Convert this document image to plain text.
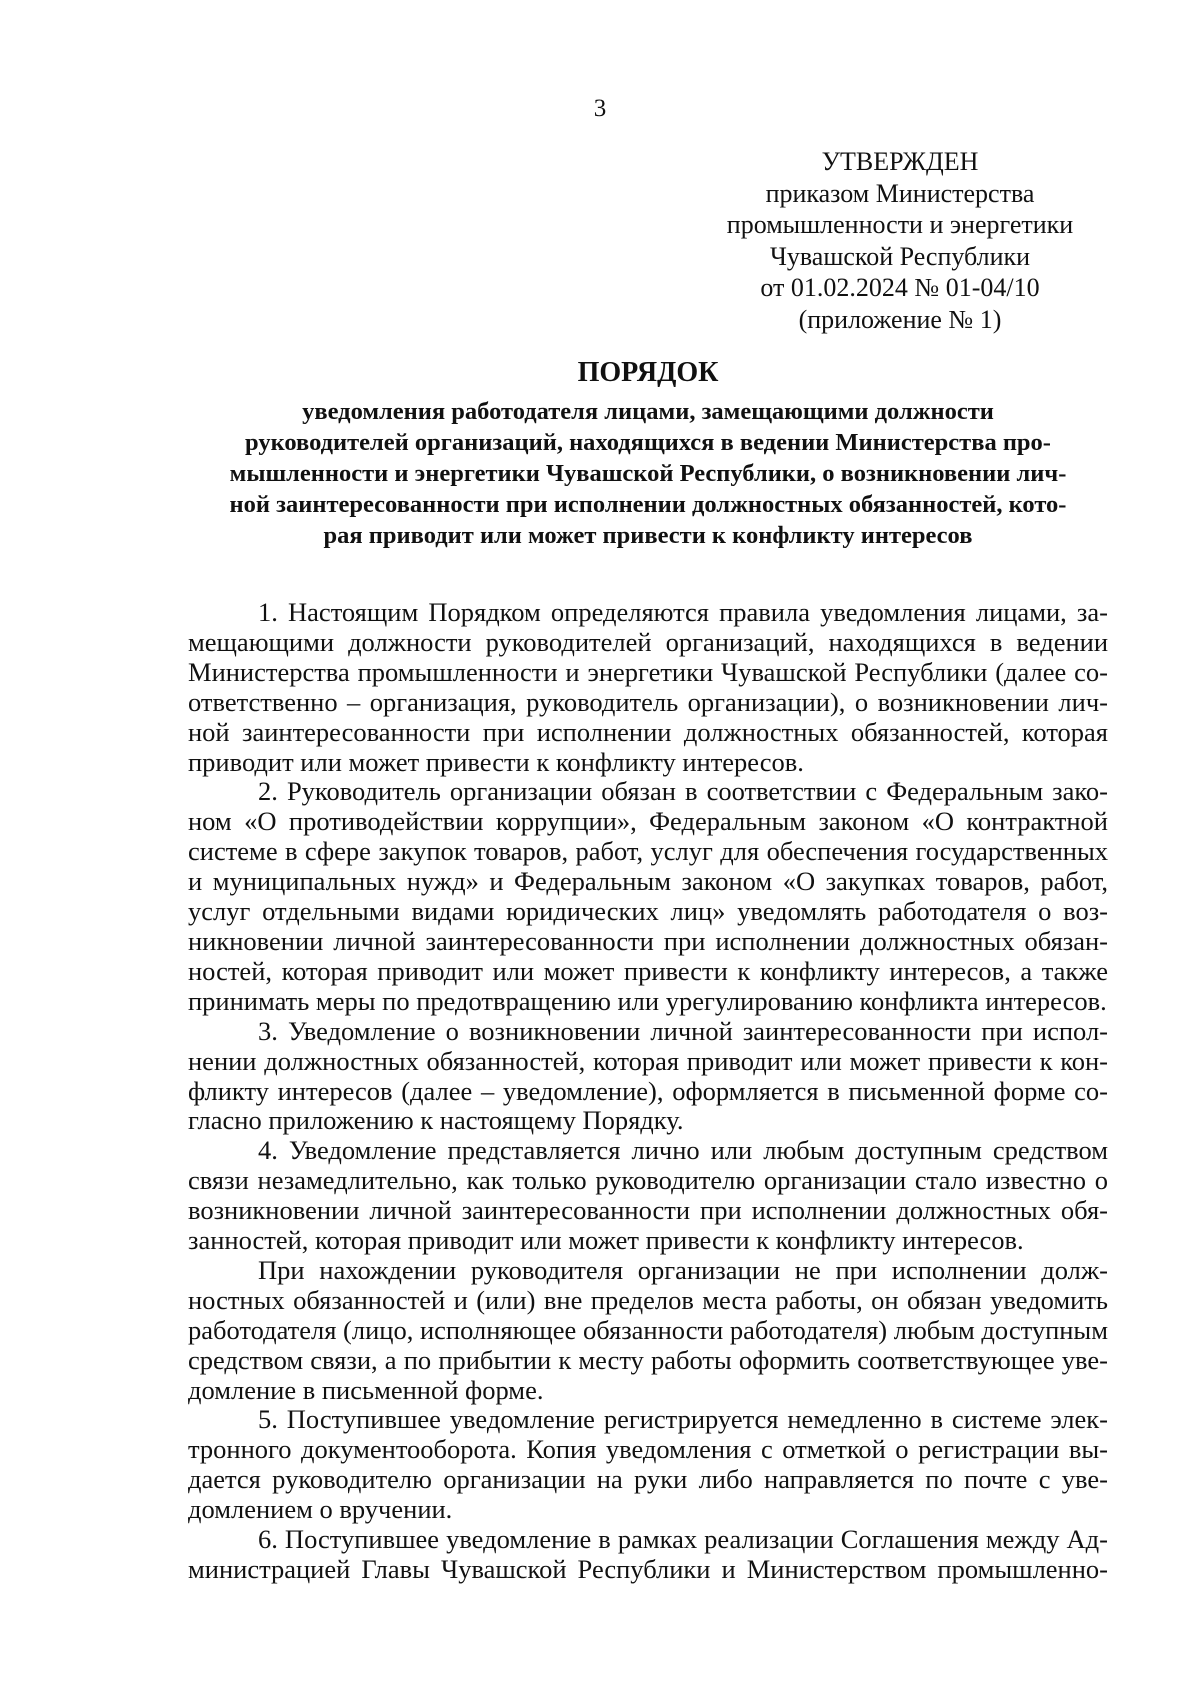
3
УТВЕРЖДЕН
приказом Министерства
промышленности и энергетики
Чувашской Республики
от 01.02.2024 № 01-04/10
(приложение № 1)
ПОРЯДОК
уведомления работодателя лицами, замещающими должности
руководителей организаций, находящихся в ведении Министерства про-
мышленности и энергетики Чувашской Республики, о возникновении лич-
ной заинтересованности при исполнении должностных обязанностей, кото-
рая приводит или может привести к конфликту интересов
1. Настоящим Порядком определяются правила уведомления лицами, за-
мещающими должности руководителей организаций, находящихся в ведении
Министерства промышленности и энергетики Чувашской Республики (далее со-
ответственно – организация, руководитель организации), о возникновении лич-
ной заинтересованности при исполнении должностных обязанностей, которая
приводит или может привести к конфликту интересов.
2. Руководитель организации обязан в соответствии с Федеральным зако-
ном «О противодействии коррупции», Федеральным законом «О контрактной
системе в сфере закупок товаров, работ, услуг для обеспечения государственных
и муниципальных нужд» и Федеральным законом «О закупках товаров, работ,
услуг отдельными видами юридических лиц» уведомлять работодателя о воз-
никновении личной заинтересованности при исполнении должностных обязан-
ностей, которая приводит или может привести к конфликту интересов, а также
принимать меры по предотвращению или урегулированию конфликта интересов.
3. Уведомление о возникновении личной заинтересованности при испол-
нении должностных обязанностей, которая приводит или может привести к кон-
фликту интересов (далее – уведомление), оформляется в письменной форме со-
гласно приложению к настоящему Порядку.
4. Уведомление представляется лично или любым доступным средством
связи незамедлительно, как только руководителю организации стало известно о
возникновении личной заинтересованности при исполнении должностных обя-
занностей, которая приводит или может привести к конфликту интересов.
При нахождении руководителя организации не при исполнении долж-
ностных обязанностей и (или) вне пределов места работы, он обязан уведомить
работодателя (лицо, исполняющее обязанности работодателя) любым доступным
средством связи, а по прибытии к месту работы оформить соответствующее уве-
домление в письменной форме.
5. Поступившее уведомление регистрируется немедленно в системе элек-
тронного документооборота. Копия уведомления с отметкой о регистрации вы-
дается руководителю организации на руки либо направляется по почте с уве-
домлением о вручении.
6. Поступившее уведомление в рамках реализации Соглашения между Ад-
министрацией Главы Чувашской Республики и Министерством промышленно-
